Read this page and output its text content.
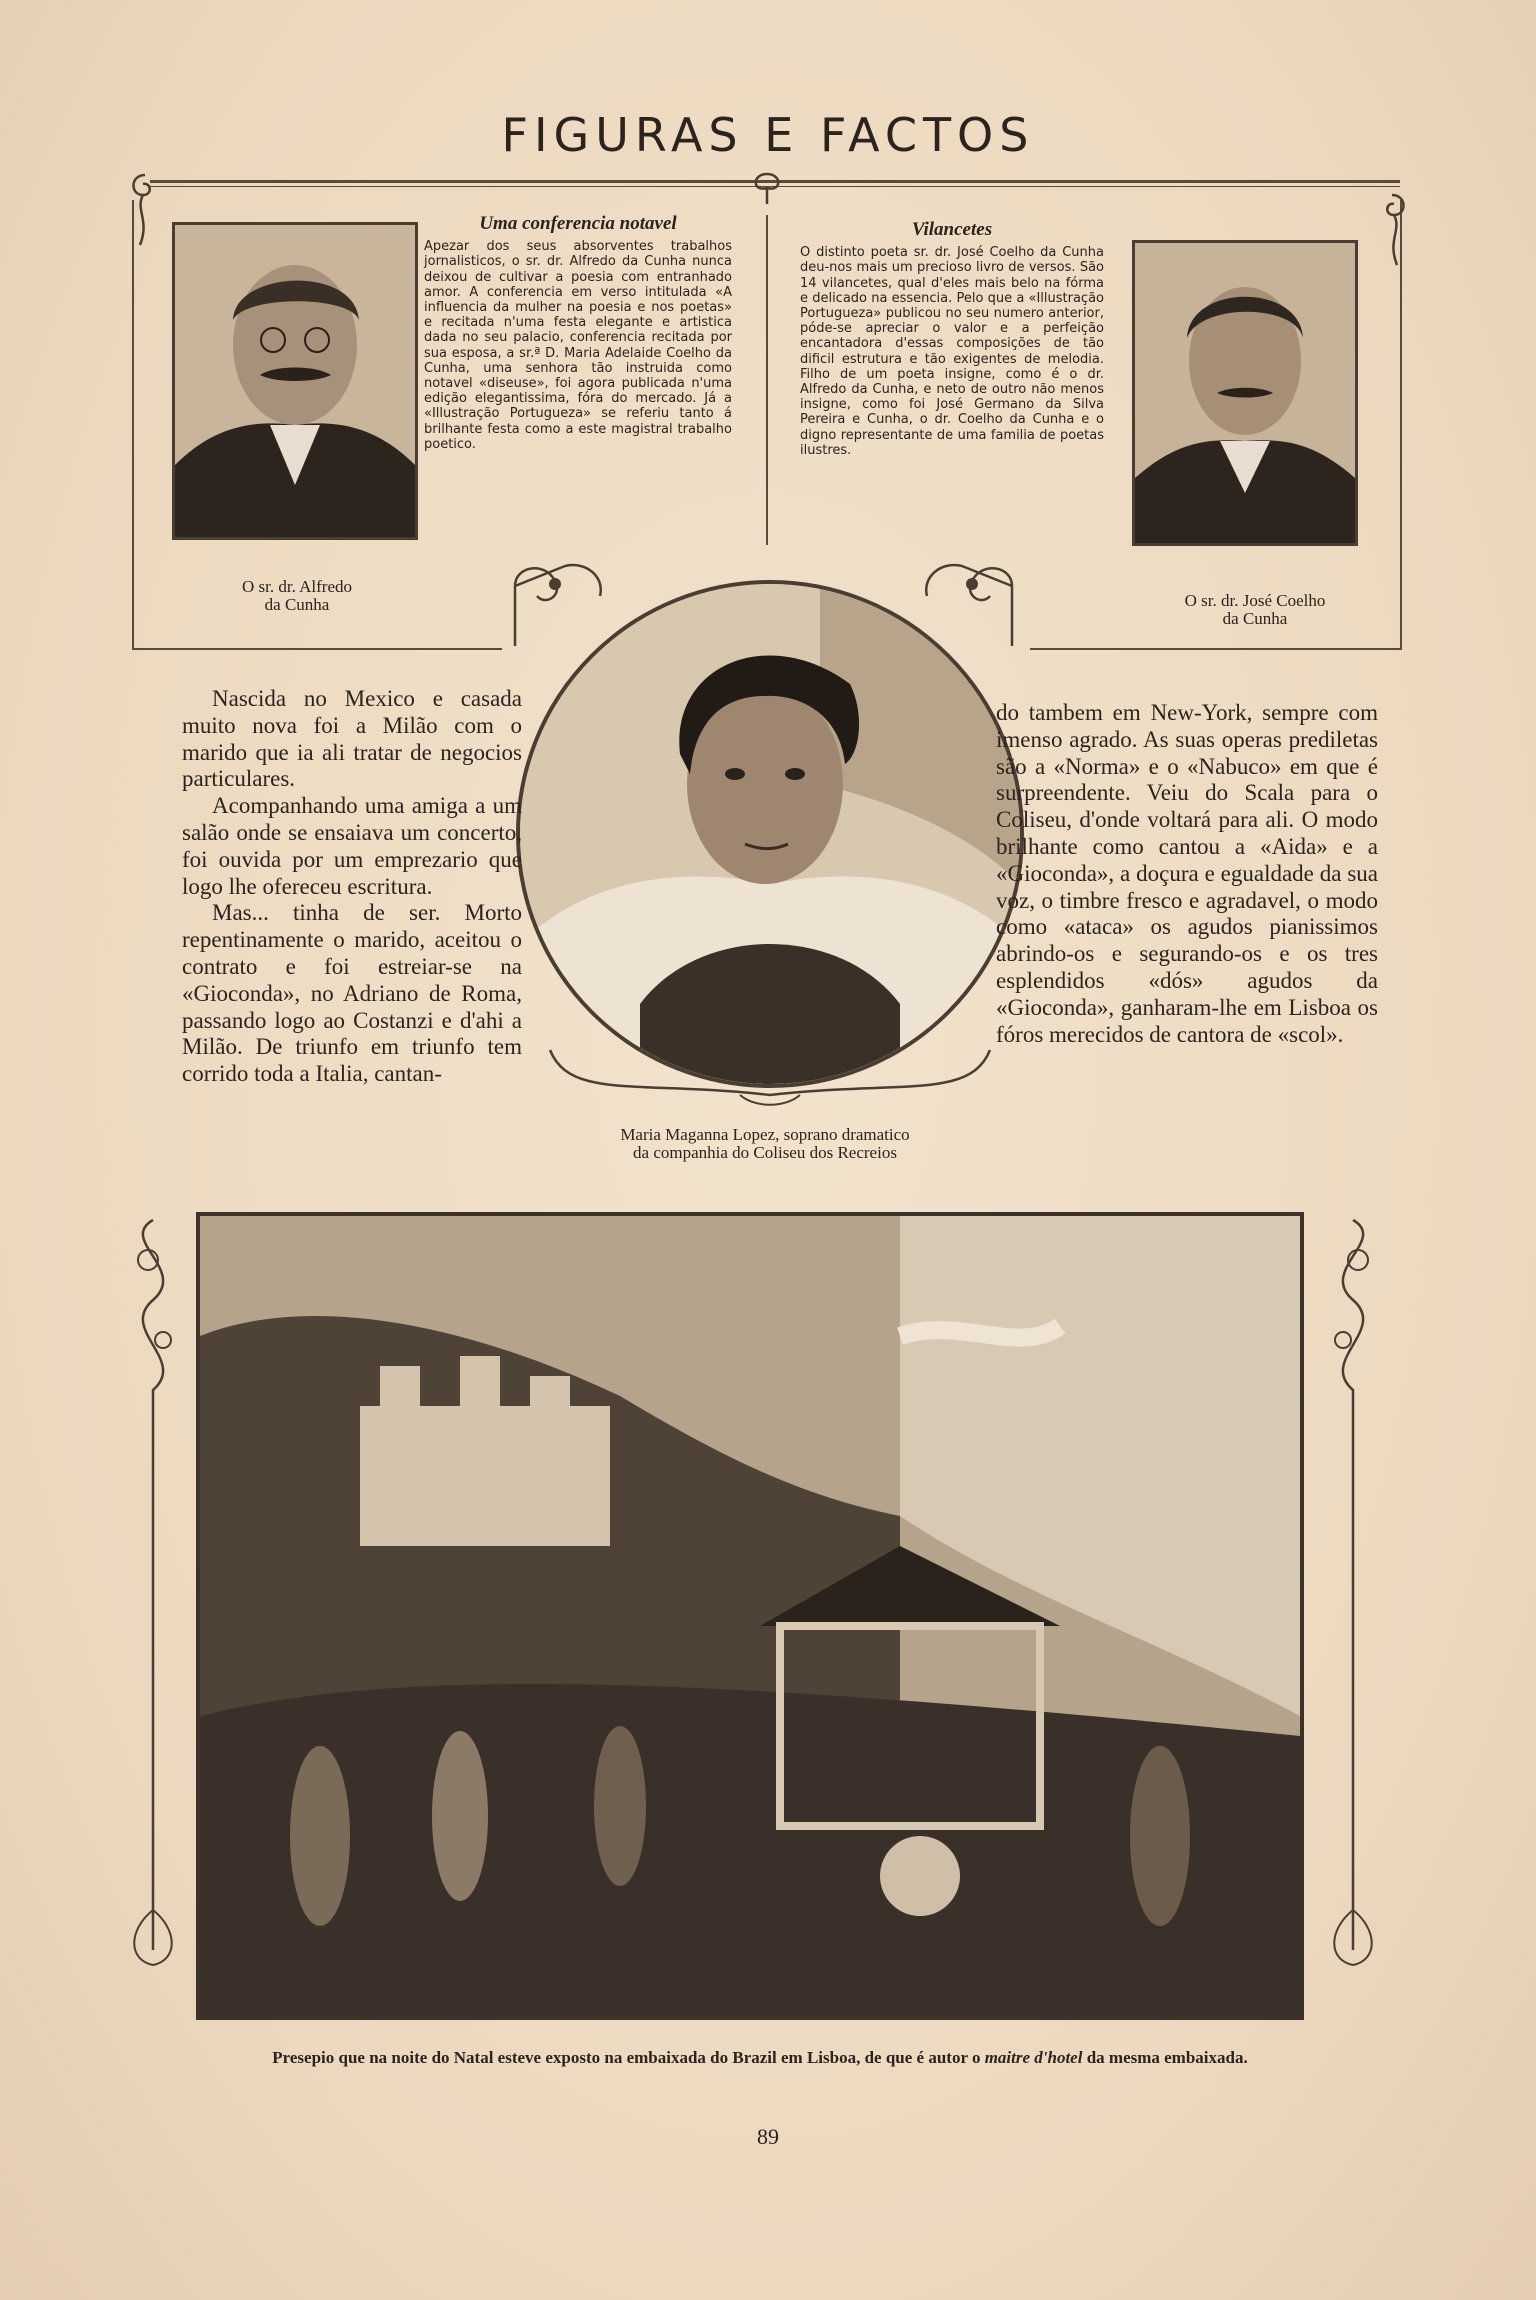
FIGURAS E FACTOS
O sr. dr. Alfredo
da Cunha
Uma conferencia notavel
Apezar dos seus absorventes trabalhos jornalisticos, o sr. dr. Alfredo da Cunha nunca deixou de cultivar a poesia com entranhado amor. A conferencia em verso intitulada «A influencia da mulher na poesia e nos poetas» e recitada n'uma festa elegante e artistica dada no seu palacio, conferencia recitada por sua esposa, a sr.ª D. Maria Adelaide Coelho da Cunha, uma senhora tão instruida como notavel «diseuse», foi agora publicada n'uma edição elegantissima, fóra do mercado. Já a «Illustração Portugueza» se referiu tanto á brilhante festa como a este magistral trabalho poetico.
Vilancetes
O distinto poeta sr. dr. José Coelho da Cunha deu-nos mais um precioso livro de versos. São 14 vilancetes, qual d'eles mais belo na fórma e delicado na essencia. Pelo que a «Illustração Portugueza» publicou no seu numero anterior, póde-se apreciar o valor e a perfeição encantadora d'essas composições de tão dificil estrutura e tão exigentes de melodia. Filho de um poeta insigne, como é o dr. Alfredo da Cunha, e neto de outro não menos insigne, como foi José Germano da Silva Pereira e Cunha, o dr. Coelho da Cunha e o digno representante de uma familia de poetas ilustres.
O sr. dr. José Coelho
da Cunha
Maria Maganna Lopez, soprano dramatico
da companhia do Coliseu dos Recreios

Nascida no Mexico e casada muito nova foi a Milão com o marido que ia ali tratar de negocios particulares.

Acompanhando uma amiga a um salão onde se ensaiava um concerto, foi ouvida por um emprezario que logo lhe ofereceu escritura.

Mas... tinha de ser. Morto repentinamente o marido, aceitou o contrato e foi estreiar-se na «Gioconda», no Adriano de Roma, passando logo ao Costanzi e d'ahi a Milão. De triunfo em triunfo tem corrido toda a Italia, cantan-

do tambem em New-York, sempre com imenso agrado. As suas operas prediletas são a «Norma» e o «Nabuco» em que é surpreendente. Veiu do Scala para o Coliseu, d'onde voltará para ali. O modo brilhante como cantou a «Aida» e a «Gioconda», a doçura e egualdade da sua voz, o timbre fresco e agradavel, o modo como «ataca» os agudos pianissimos abrindo-os e segurando-os e os tres esplendidos «dós» agudos da «Gioconda», ganharam-lhe em Lisboa os fóros merecidos de cantora de «scol».

Presepio que na noite do Natal esteve exposto na embaixada do Brazil em Lisboa, de que é autor o maitre d'hotel da mesma embaixada.
89
